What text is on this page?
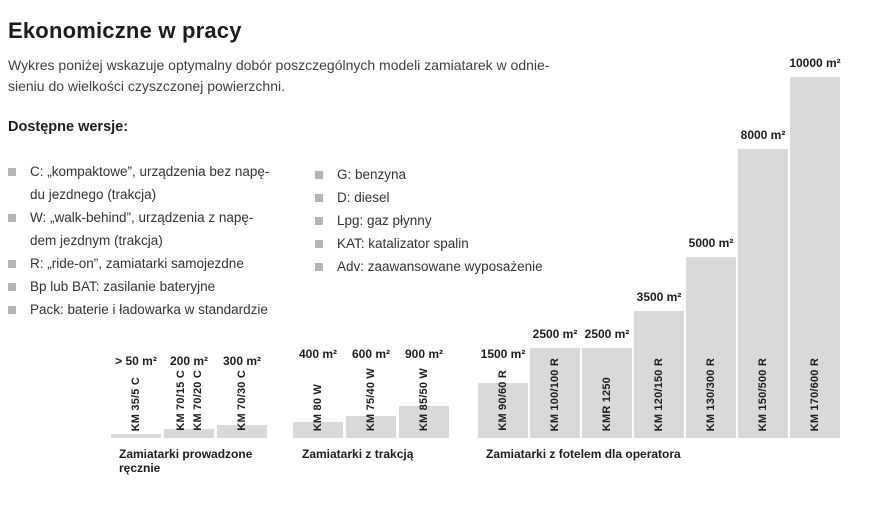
Ekonomiczne w pracy

Wykres poniżej wskazuje optymalny dobór poszczególnych modeli zamiatarek w odnie-
sieniu do wielkości czyszczonej powierzchni.

Dostępne wersje:
C: „kompaktowe”, urządzenia bez napę-
du jezdnego (trakcja)
W: „walk-behind”, urządzenia z napę-
dem jezdnym (trakcja)
R: „ride-on”, zamiatarki samojezdne
Bp lub BAT: zasilanie bateryjne
Pack: baterie i ładowarka w standardzie
G: benzyna
D: diesel
Lpg: gaz płynny
KAT: katalizator spalin
Adv: zaawansowane wyposażenie
> 50 m²
KM 35/5 C
200 m²
KM 70/15 C KM 70/20 C
300 m²
KM 70/30 C
Zamiatarki prowadzone ręcznie
400 m²
KM 80 W
600 m²
KM 75/40 W
900 m²
KM 85/50 W
Zamiatarki z trakcją
1500 m²
KM 90/60 R
2500 m²
KM 100/100 R
2500 m²
KMR 1250
3500 m²
KM 120/150 R
5000 m²
KM 130/300 R
8000 m²
KM 150/500 R
10000 m²
KM 170/600 R
Zamiatarki z fotelem dla operatora
